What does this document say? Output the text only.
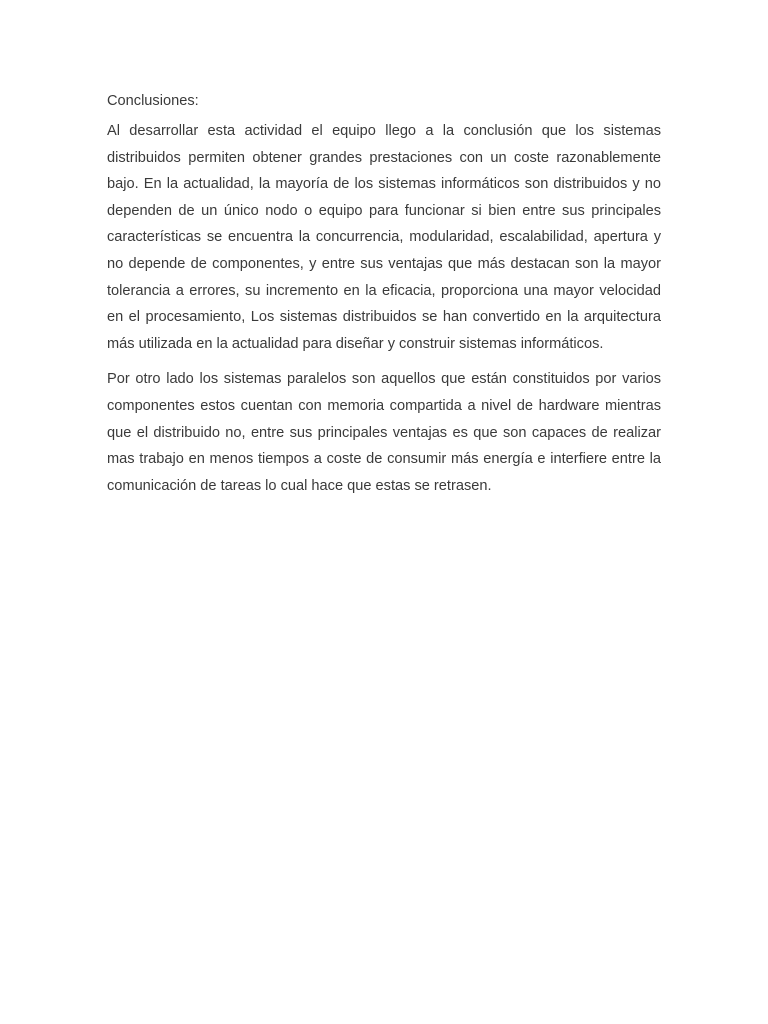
Conclusiones:

Al desarrollar esta actividad el equipo llego a la conclusión que los sistemas distribuidos permiten obtener grandes prestaciones con un coste razonablemente bajo. En la actualidad, la mayoría de los sistemas informáticos son distribuidos y no dependen de un único nodo o equipo para funcionar si bien entre sus principales características se encuentra la concurrencia, modularidad, escalabilidad, apertura y no depende de componentes, y entre sus ventajas que más destacan son la mayor tolerancia a errores, su incremento en la eficacia, proporciona una mayor velocidad en el procesamiento, Los sistemas distribuidos se han convertido en la arquitectura más utilizada en la actualidad para diseñar y construir sistemas informáticos.

Por otro lado los sistemas paralelos son aquellos que están constituidos por varios componentes estos cuentan con memoria compartida a nivel de hardware mientras que el distribuido no, entre sus principales ventajas es que son capaces de realizar mas trabajo en menos tiempos a coste de consumir más energía e interfiere entre la comunicación de tareas lo cual hace que estas se retrasen.
